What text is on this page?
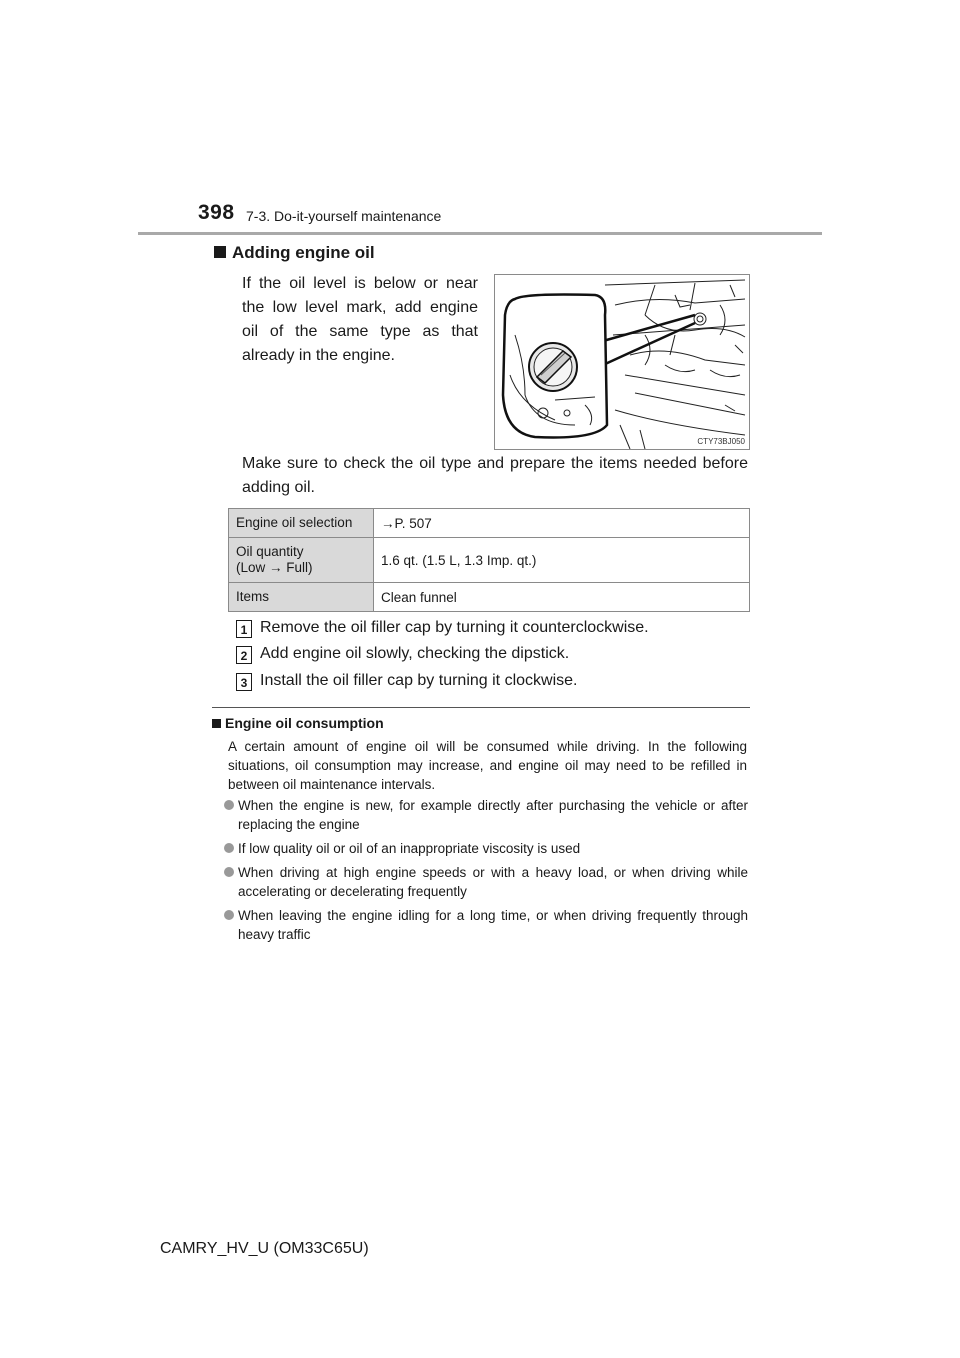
398 7-3. Do-it-yourself maintenance
Adding engine oil
If the oil level is below or near the low level mark, add engine oil of the same type as that already in the engine.
CTY73BJ050
Make sure to check the oil type and prepare the items needed before adding oil.
Engine oil selection	→P. 507
Oil quantity
(Low → Full)	1.6 qt. (1.5 L, 1.3 Imp. qt.)
Items	Clean funnel
1 Remove the oil filler cap by turning it counterclockwise.
2 Add engine oil slowly, checking the dipstick.
3 Install the oil filler cap by turning it clockwise.
Engine oil consumption
A certain amount of engine oil will be consumed while driving. In the following situations, oil consumption may increase, and engine oil may need to be refilled in between oil maintenance intervals.
When the engine is new, for example directly after purchasing the vehicle or after replacing the engine
If low quality oil or oil of an inappropriate viscosity is used
When driving at high engine speeds or with a heavy load, or when driving while accelerating or decelerating frequently
When leaving the engine idling for a long time, or when driving frequently through heavy traffic
CAMRY_HV_U (OM33C65U)
